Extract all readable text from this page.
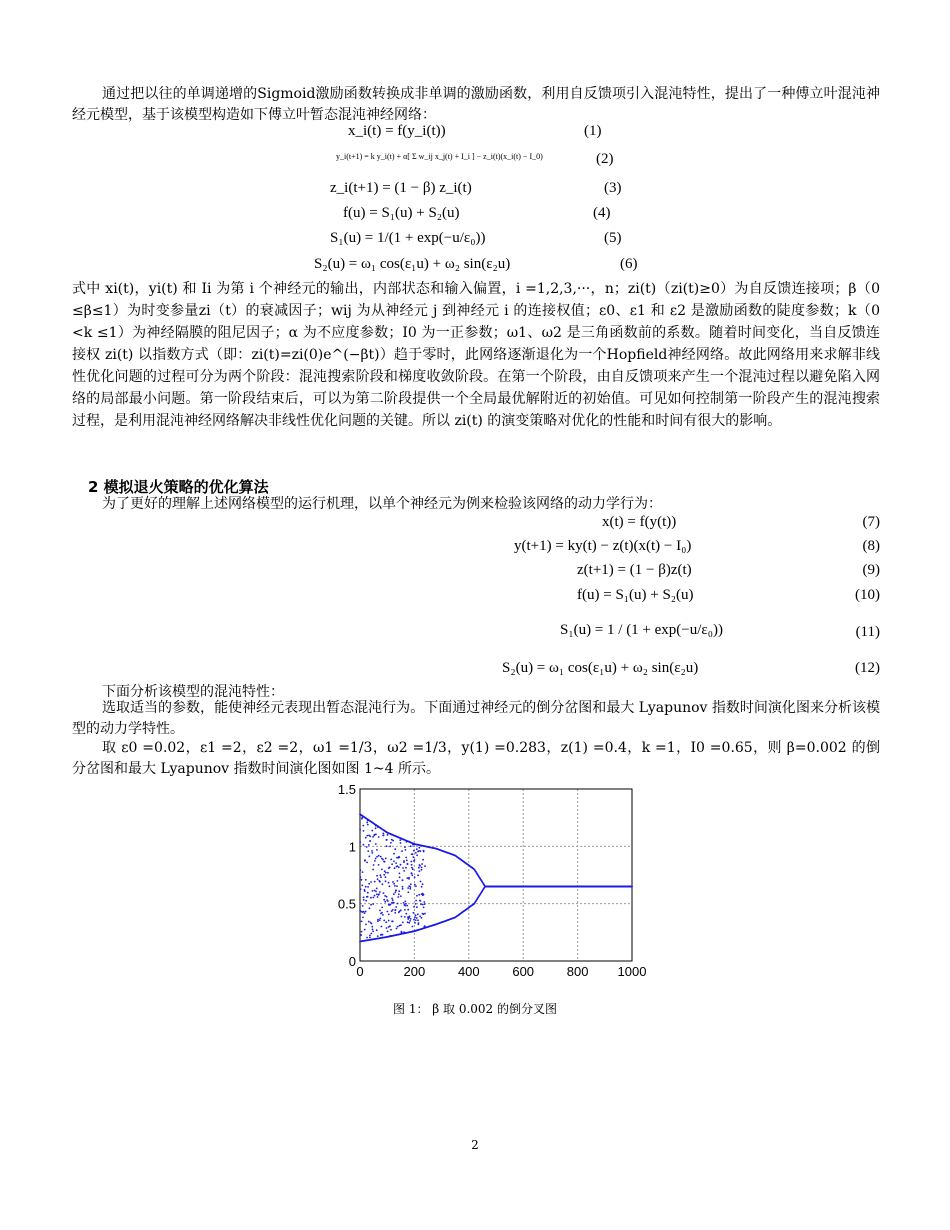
通过把以往的单调递增的Sigmoid激励函数转换成非单调的激励函数，利用自反馈项引入混沌特性，提出了一种傅立叶混沌神经元模型，基于该模型构造如下傅立叶暂态混沌神经网络：
x_i(t) = f(y_i(t))	(1)
y_i(t+1) = k y_i(t) + α[ Σ w_ij x_j(t) + I_i ] − z_i(t)(x_i(t) − I_0)	(2)
z_i(t+1) = (1 − β) z_i(t)	(3)
f(u) = S₁(u) + S₂(u)	(4)
S₁(u) = 1/(1 + exp(−u/ε₀))	(5)
S₂(u) = ω₁ cos(ε₁u) + ω₂ sin(ε₂u)	(6)
式中 xi(t)，yi(t) 和 Ii 为第 i 个神经元的输出，内部状态和输入偏置，i =1,2,3,···，n；zi(t)（zi(t)≥0）为自反馈连接项；β（0 ≤β≤1）为时变参量zi（t）的衰减因子；wij 为从神经元 j 到神经元 i 的连接权值；ε0、ε1 和 ε2 是激励函数的陡度参数；k（0 <k ≤1）为神经隔膜的阻尼因子；α 为不应度参数；I0 为一正参数；ω1、ω2 是三角函数前的系数。随着时间变化，当自反馈连接权 zi(t) 以指数方式（即：zi(t)=zi(0)e^(−βt)）趋于零时，此网络逐渐退化为一个Hopfield神经网络。故此网络用来求解非线性优化问题的过程可分为两个阶段：混沌搜索阶段和梯度收敛阶段。在第一个阶段，由自反馈项来产生一个混沌过程以避免陷入网络的局部最小问题。第一阶段结束后，可以为第二阶段提供一个全局最优解附近的初始值。可见如何控制第一阶段产生的混沌搜索过程，是利用混沌神经网络解决非线性优化问题的关键。所以 zi(t) 的演变策略对优化的性能和时间有很大的影响。
2 模拟退火策略的优化算法
为了更好的理解上述网络模型的运行机理，以单个神经元为例来检验该网络的动力学行为：
x(t) = f(y(t))	(7)
y(t+1) = ky(t) − z(t)(x(t) − I₀)	(8)
z(t+1) = (1 − β)z(t)	(9)
f(u) = S₁(u) + S₂(u)	(10)
S₁(u) = 1 / (1 + exp(−u/ε₀))	(11)
S₂(u) = ω₁ cos(ε₁u) + ω₂ sin(ε₂u)	(12)
下面分析该模型的混沌特性：
选取适当的参数，能使神经元表现出暂态混沌行为。下面通过神经元的倒分岔图和最大 Lyapunov 指数时间演化图来分析该模型的动力学特性。
取 ε0 =0.02，ε1 =2，ε2 =2，ω1 =1/3，ω2 =1/3，y(1) =0.283，z(1) =0.4，k =1，I0 =0.65，则 β=0.002 的倒分岔图和最大 Lyapunov 指数时间演化图如图 1~4 所示。
0	200	400	600	800 1000
0
0.5
1
1.5
图 1： β 取 0.002 的倒分叉图
2
